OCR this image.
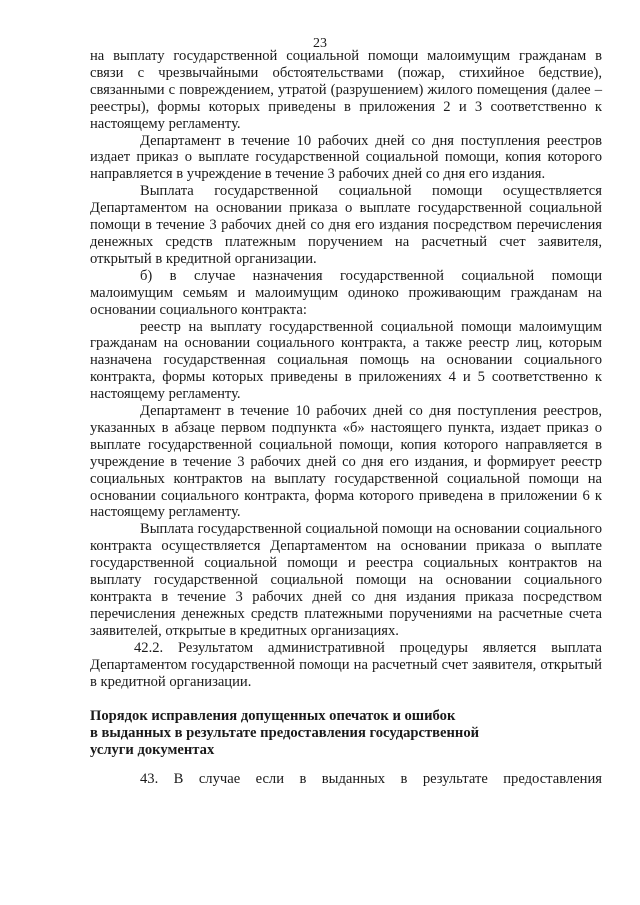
23

на выплату государственной социальной помощи малоимущим гражданам в связи с чрезвычайными обстоятельствами (пожар, стихийное бедствие), связанными с повреждением, утратой (разрушением) жилого помещения (далее – реестры), формы которых приведены в приложения 2 и 3 соответственно к настоящему регламенту.

Департамент в течение 10 рабочих дней со дня поступления реестров издает приказ о выплате государственной социальной помощи, копия которого направляется в учреждение в течение 3 рабочих дней со дня его издания.

Выплата государственной социальной помощи осуществляется Департаментом на основании приказа о выплате государственной социальной помощи в течение 3 рабочих дней со дня его издания посредством перечисления денежных средств платежным поручением на расчетный счет заявителя, открытый в кредитной организации.

б) в случае назначения государственной социальной помощи малоимущим семьям и малоимущим одиноко проживающим гражданам на основании социального контракта:

реестр на выплату государственной социальной помощи малоимущим гражданам на основании социального контракта, а также реестр лиц, которым назначена государственная социальная помощь на основании социального контракта, формы которых приведены в приложениях 4 и 5 соответственно к настоящему регламенту.

Департамент в течение 10 рабочих дней со дня поступления реестров, указанных в абзаце первом подпункта «б» настоящего пункта, издает приказ о выплате государственной социальной помощи, копия которого направляется в учреждение в течение 3 рабочих дней со дня его издания, и формирует реестр социальных контрактов на выплату государственной социальной помощи на основании социального контракта, форма которого приведена в приложении 6 к настоящему регламенту.

Выплата государственной социальной помощи на основании социального контракта осуществляется Департаментом на основании приказа о выплате государственной социальной помощи и реестра социальных контрактов на выплату государственной социальной помощи на основании социального контракта в течение 3 рабочих дней со дня издания приказа посредством перечисления денежных средств платежными поручениями на расчетные счета заявителей, открытые в кредитных организациях.

42.2. Результатом административной процедуры является выплата Департаментом государственной помощи на расчетный счет заявителя, открытый в кредитной организации.

Порядок исправления допущенных опечаток и ошибок

в выданных в результате предоставления государственной

услуги документах

43. В случае если в выданных в результате предоставления
